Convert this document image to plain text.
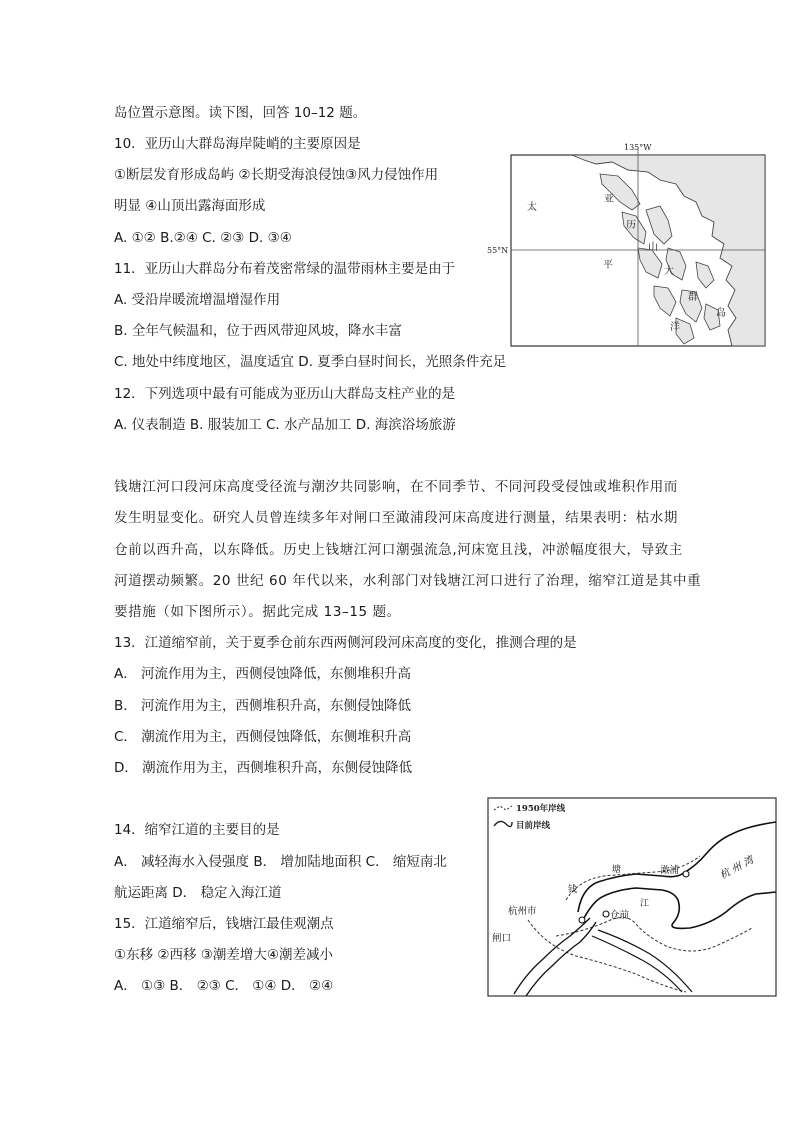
岛位置示意图。读下图，回答 10–12 题。
10．亚历山大群岛海岸陡峭的主要原因是
①断层发育形成岛屿 ②长期受海浪侵蚀③风力侵蚀作用
明显 ④山顶出露海面形成
A. ①② B.②④ C. ②③ D. ③④
11．亚历山大群岛分布着茂密常绿的温带雨林主要是由于
A. 受沿岸暖流增温增湿作用
B. 全年气候温和，位于西风带迎风坡，降水丰富
C. 地处中纬度地区，温度适宜 D. 夏季白昼时间长，光照条件充足
12．下列选项中最有可能成为亚历山大群岛支柱产业的是
A. 仪表制造 B. 服装加工 C. 水产品加工 D. 海滨浴场旅游
钱塘江河口段河床高度受径流与潮汐共同影响，在不同季节、不同河段受侵蚀或堆积作用而
发生明显变化。研究人员曾连续多年对闸口至澉浦段河床高度进行测量，结果表明：枯水期
仓前以西升高，以东降低。历史上钱塘江河口潮强流急,河床宽且浅，冲淤幅度很大，导致主
河道摆动频繁。20 世纪 60 年代以来，水利部门对钱塘江河口进行了治理，缩窄江道是其中重
要措施（如下图所示）。据此完成 13–15 题。
13．江道缩窄前，关于夏季仓前东西两侧河段河床高度的变化，推测合理的是
A． 河流作用为主，西侧侵蚀降低，东侧堆积升高
B． 河流作用为主，西侧堆积升高，东侧侵蚀降低
C． 潮流作用为主，西侧侵蚀降低，东侧堆积升高
D． 潮流作用为主，西侧堆积升高，东侧侵蚀降低
14．缩窄江道的主要目的是
A． 减轻海水入侵强度 B． 增加陆地面积 C． 缩短南北
航运距离 D． 稳定入海江道
15．江道缩窄后，钱塘江最佳观潮点
①东移 ②西移 ③潮差增大④潮差减小
A． ①③ B． ②③ C． ①④ D． ②④
135°W
55°N
太
平
洋
亚
历
山
大
群
岛
1950年岸线
目前岸线
澉浦	杭 州 湾
杭州市	仓前
闸口
钱
塘
江
